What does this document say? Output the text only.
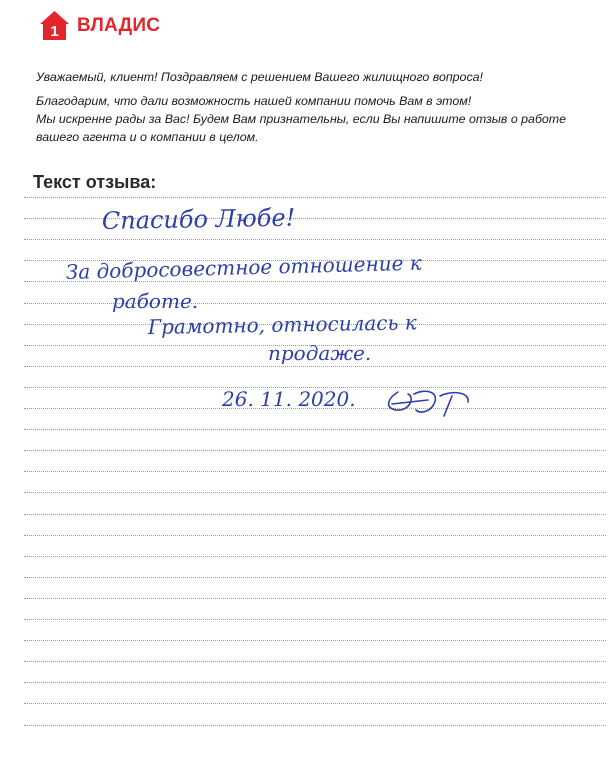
1 ВЛАДИС

Уважаемый, клиент! Поздравляем с решением Вашего жилищного вопроса!

Благодарим, что дали возможность нашей компании помочь Вам в этом!
Мы искренне рады за Вас! Будем Вам признательны, если Вы напишите отзыв о работе
вашего агента и о компании в целом.

Текст отзыва:
Спасибо Любе!
За добросовестное отношение к
работе.
Грамотно, относилась к
продаже.
26. 11. 2020.
